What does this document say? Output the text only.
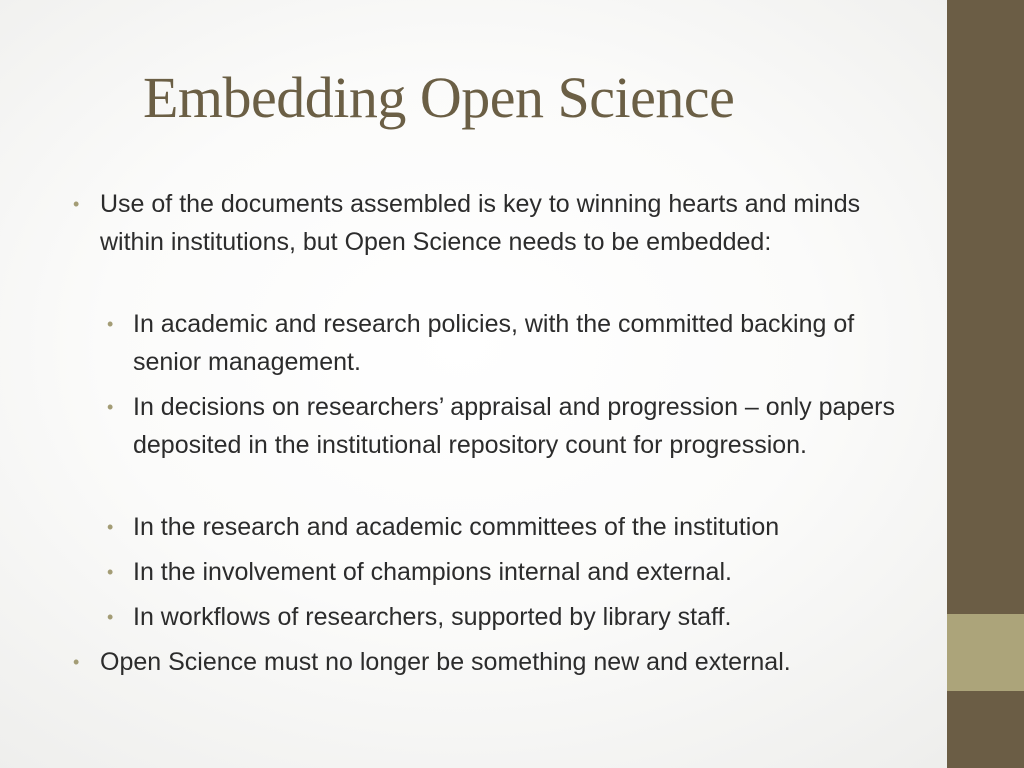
Embedding Open Science
• Use of the documents assembled is key to winning hearts and minds within institutions, but Open Science needs to be embedded:
• In academic and research policies, with the committed backing of senior management.
• In decisions on researchers’ appraisal and progression – only papers deposited in the institutional repository count for progression.
• In the research and academic committees of the institution
• In the involvement of champions internal and external.
• In workflows of researchers, supported by library staff.
• Open Science must no longer be something new and external.
